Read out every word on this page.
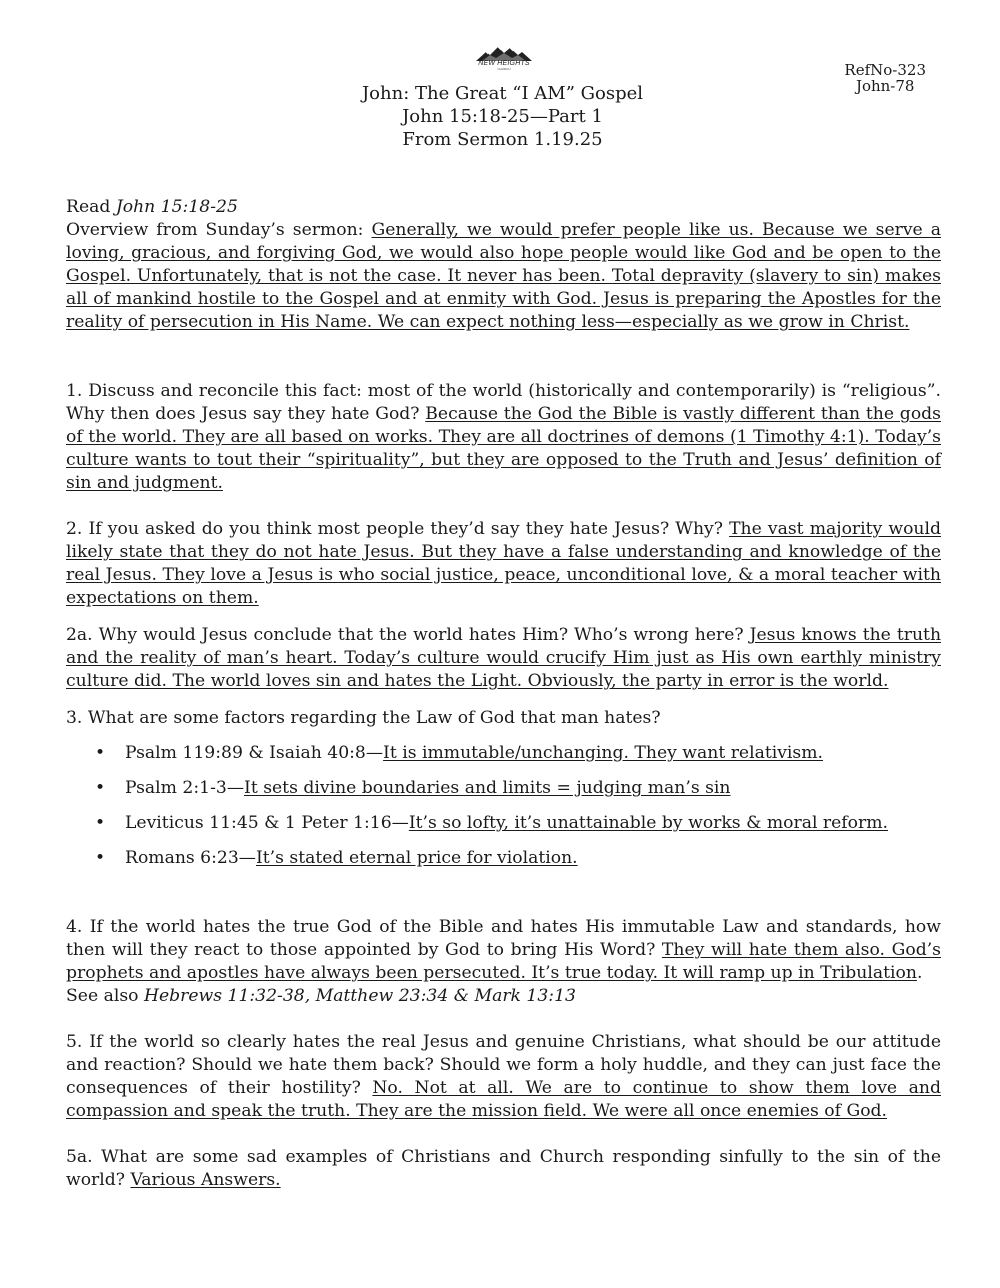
NEW HEIGHTS
CHURCH	RefNo-323
John-78
John: The Great “I AM” Gospel
John 15:18-25—Part 1
From Sermon 1.19.25

Read John 15:18-25

Overview from Sunday’s sermon: Generally, we would prefer people like us. Because we serve a loving, gracious, and forgiving God, we would also hope people would like God and be open to the Gospel. Unfortunately, that is not the case. It never has been. Total depravity (slavery to sin) makes all of mankind hostile to the Gospel and at enmity with God. Jesus is preparing the Apostles for the reality of persecution in His Name. We can expect nothing less—especially as we grow in Christ.

1. Discuss and reconcile this fact: most of the world (historically and contemporarily) is “religious”. Why then does Jesus say they hate God? Because the God the Bible is vastly different than the gods of the world. They are all based on works. They are all doctrines of demons (1 Timothy 4:1). Today’s culture wants to tout their “spirituality”, but they are opposed to the Truth and Jesus’ definition of sin and judgment.

2. If you asked do you think most people they’d say they hate Jesus? Why? The vast majority would likely state that they do not hate Jesus. But they have a false understanding and knowledge of the real Jesus. They love a Jesus is who social justice, peace, unconditional love, & a moral teacher with expectations on them.

2a. Why would Jesus conclude that the world hates Him? Who’s wrong here? Jesus knows the truth and the reality of man’s heart. Today’s culture would crucify Him just as His own earthly ministry culture did. The world loves sin and hates the Light. Obviously, the party in error is the world.

3. What are some factors regarding the Law of God that man hates?

• Psalm 119:89 & Isaiah 40:8—It is immutable/unchanging. They want relativism.
• Psalm 2:1-3—It sets divine boundaries and limits = judging man’s sin
• Leviticus 11:45 & 1 Peter 1:16—It’s so lofty, it’s unattainable by works & moral reform.
• Romans 6:23—It’s stated eternal price for violation.

4. If the world hates the true God of the Bible and hates His immutable Law and standards, how then will they react to those appointed by God to bring His Word? They will hate them also. God’s prophets and apostles have always been persecuted. It’s true today. It will ramp up in Tribulation.

See also Hebrews 11:32-38, Matthew 23:34 & Mark 13:13

5. If the world so clearly hates the real Jesus and genuine Christians, what should be our attitude and reaction? Should we hate them back? Should we form a holy huddle, and they can just face the consequences of their hostility? No. Not at all. We are to continue to show them love and compassion and speak the truth. They are the mission field. We were all once enemies of God.

5a. What are some sad examples of Christians and Church responding sinfully to the sin of the world? Various Answers.
